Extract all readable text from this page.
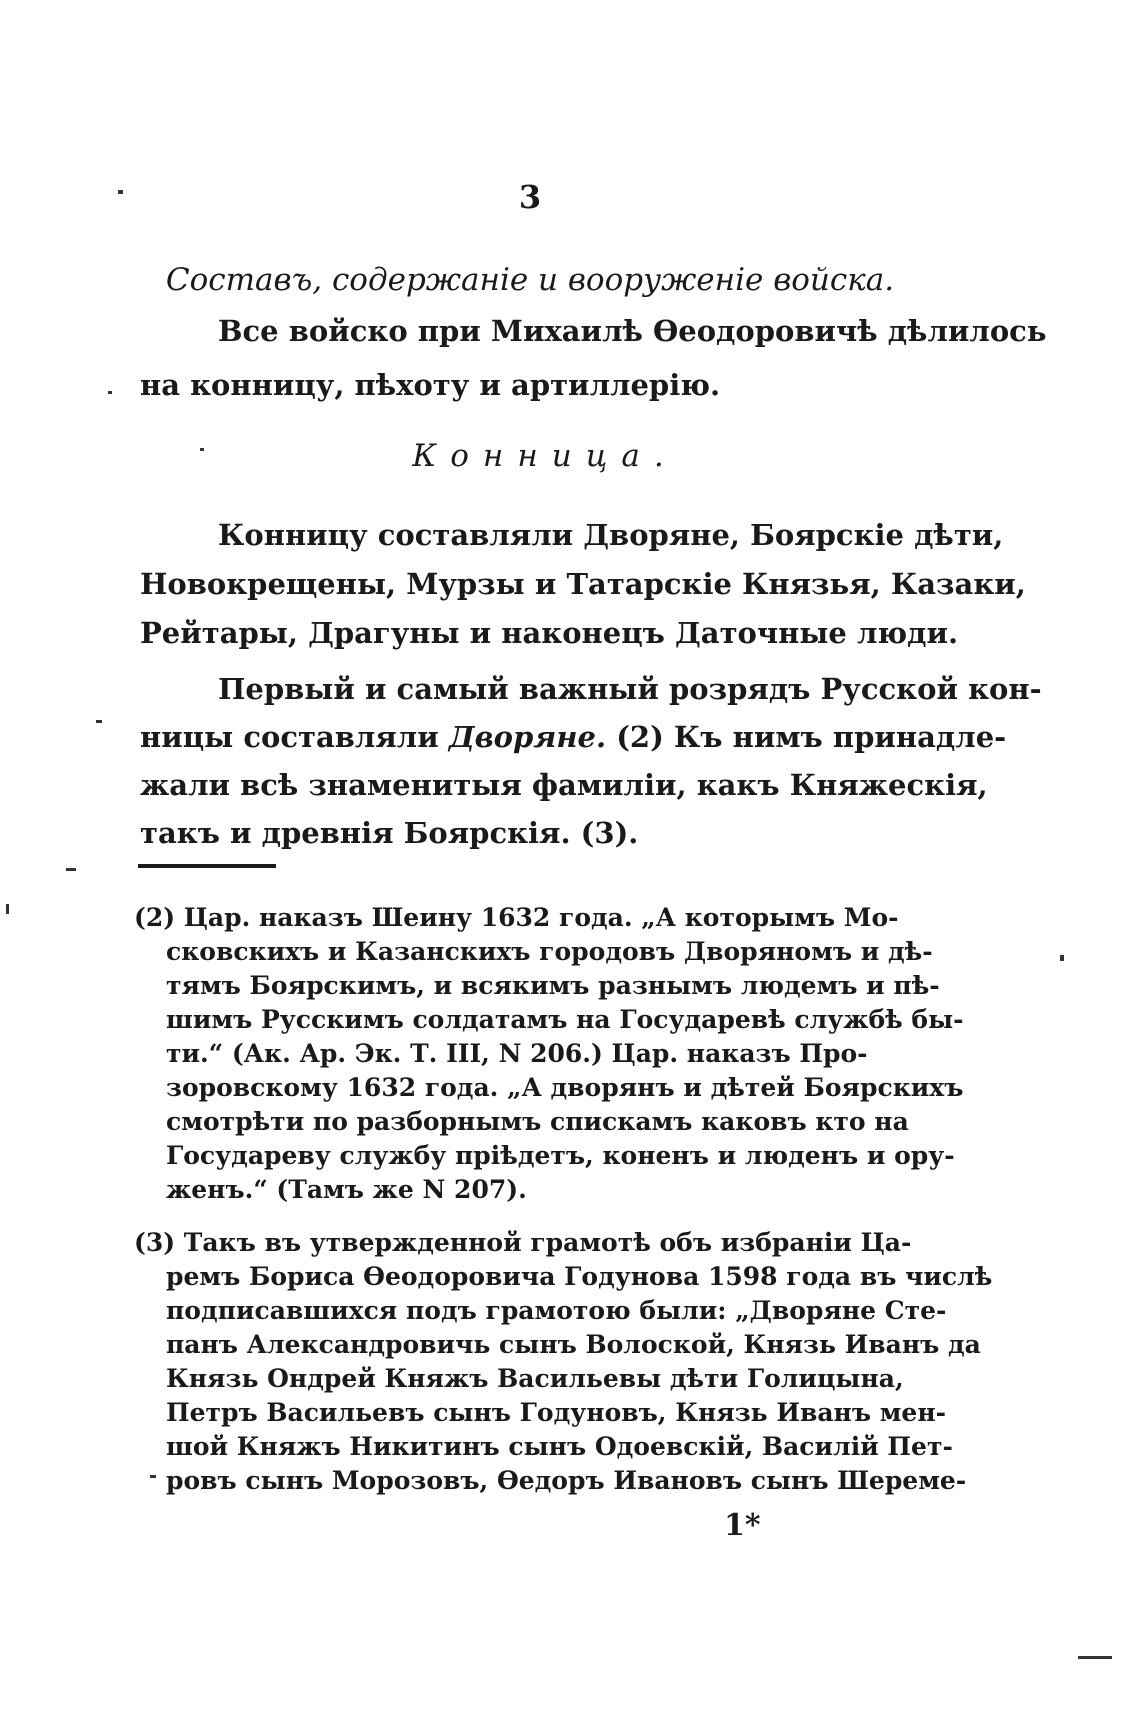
3
Составъ, содержаніе и вооруженіе войска.
Все войско при Михаилѣ Ѳеодоровичѣ дѣлилось
на конницу, пѣхоту и артиллерію.
Конница.
Конницу составляли Дворяне, Боярскіе дѣти,
Новокрещены, Мурзы и Татарскіе Князья, Казаки,
Рейтары, Драгуны и наконецъ Даточные люди.
Первый и самый важный розрядъ Русской кон-
ницы составляли Дворяне. (2) Къ нимъ принадле-
жали всѣ знаменитыя фамиліи, какъ Княжескія,
такъ и древнія Боярскія. (3).
(2) Цар. наказъ Шеину 1632 года. „А которымъ Мо-
сковскихъ и Казанскихъ городовъ Дворяномъ и дѣ-
тямъ Боярскимъ, и всякимъ разнымъ людемъ и пѣ-
шимъ Русскимъ солдатамъ на Государевѣ службѣ бы-
ти.“ (Ак. Ар. Эк. Т. III, N 206.) Цар. наказъ Про-
зоровскому 1632 года. „А дворянъ и дѣтей Боярскихъ
смотрѣти по разборнымъ спискамъ каковъ кто на
Государеву службу пріѣдетъ, коненъ и люденъ и ору-
женъ.“ (Тамъ же N 207).
(3) Такъ въ утвержденной грамотѣ объ избраніи Ца-
ремъ Бориса Ѳеодоровича Годунова 1598 года въ числѣ
подписавшихся подъ грамотою были: „Дворяне Сте-
панъ Александровичь сынъ Волоской, Князь Иванъ да
Князь Ондрей Княжъ Васильевы дѣти Голицына,
Петръ Васильевъ сынъ Годуновъ, Князь Иванъ мен-
шой Княжъ Никитинъ сынъ Одоевскій, Василій Пет-
ровъ сынъ Морозовъ, Ѳедоръ Ивановъ сынъ Шереме-
1*
